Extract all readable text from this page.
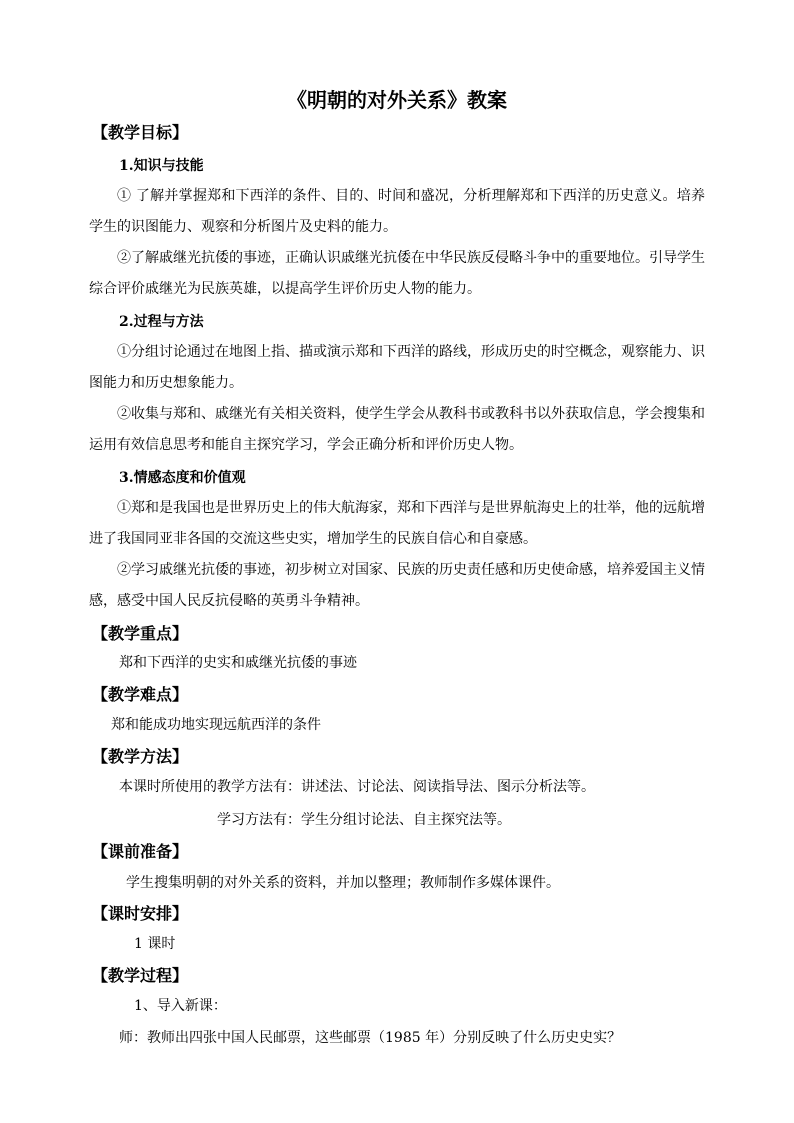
《明朝的对外关系》教案
【教学目标】
1.知识与技能
① 了解并掌握郑和下西洋的条件、目的、时间和盛况，分析理解郑和下西洋的历史意义。培养学生的识图能力、观察和分析图片及史料的能力。
②了解戚继光抗倭的事迹，正确认识戚继光抗倭在中华民族反侵略斗争中的重要地位。引导学生综合评价戚继光为民族英雄，以提高学生评价历史人物的能力。
2.过程与方法
①分组讨论通过在地图上指、描或演示郑和下西洋的路线，形成历史的时空概念，观察能力、识图能力和历史想象能力。
②收集与郑和、戚继光有关相关资料，使学生学会从教科书或教科书以外获取信息，学会搜集和运用有效信息思考和能自主探究学习，学会正确分析和评价历史人物。
3.情感态度和价值观
①郑和是我国也是世界历史上的伟大航海家，郑和下西洋与是世界航海史上的壮举，他的远航增进了我国同亚非各国的交流这些史实，增加学生的民族自信心和自豪感。
②学习戚继光抗倭的事迹，初步树立对国家、民族的历史责任感和历史使命感，培养爱国主义情感，感受中国人民反抗侵略的英勇斗争精神。
【教学重点】
郑和下西洋的史实和戚继光抗倭的事迹
【教学难点】
郑和能成功地实现远航西洋的条件
【教学方法】
本课时所使用的教学方法有：讲述法、讨论法、阅读指导法、图示分析法等。
学习方法有：学生分组讨论法、自主探究法等。
【课前准备】
学生搜集明朝的对外关系的资料，并加以整理；教师制作多媒体课件。
【课时安排】
1 课时
【教学过程】
1、导入新课：
师：教师出四张中国人民邮票，这些邮票（1985 年）分别反映了什么历史史实？
